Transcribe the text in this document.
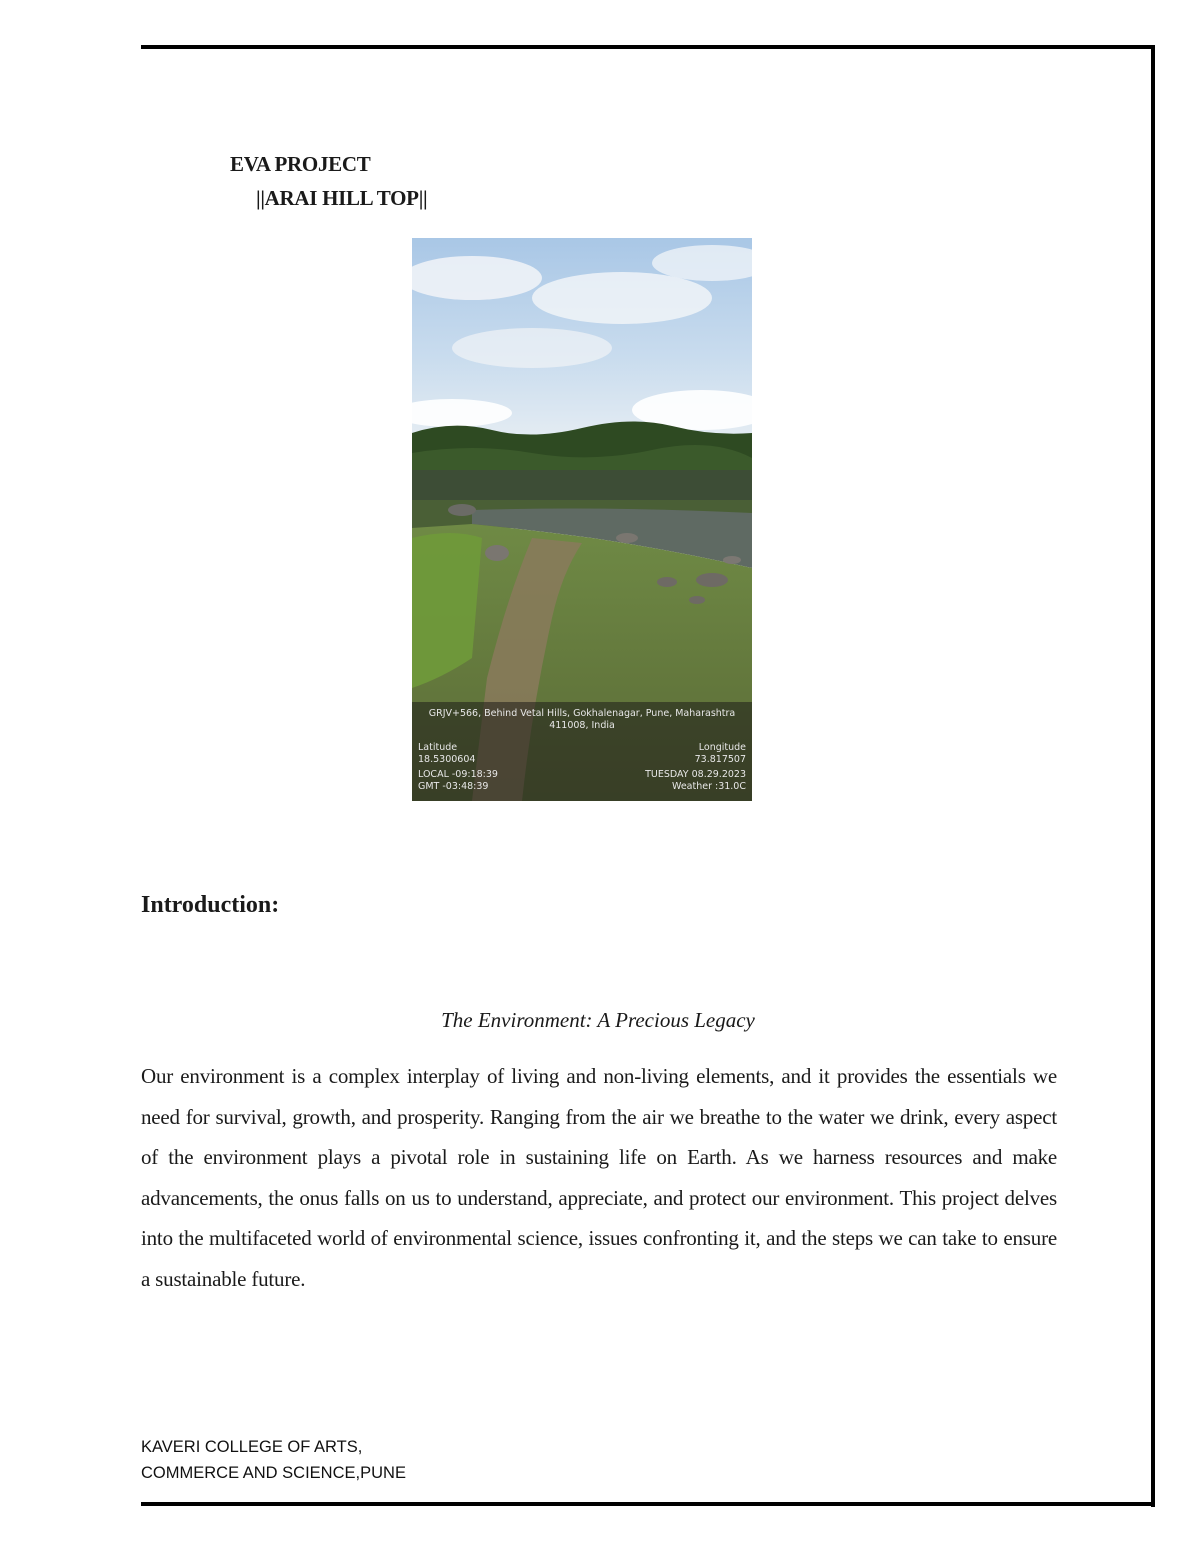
EVA PROJECT
||ARAI HILL TOP||
GRJV+566, Behind Vetal Hills, Gokhalenagar, Pune, Maharashtra
411008, India
Latitude
18.5300604
LOCAL -09:18:39
GMT -03:48:39
Longitude
73.817507
TUESDAY 08.29.2023
Weather :31.0C
Introduction:
The Environment: A Precious Legacy
Our environment is a complex interplay of living and non-living elements, and it provides the essentials we need for survival, growth, and prosperity. Ranging from the air we breathe to the water we drink, every aspect of the environment plays a pivotal role in sustaining life on Earth. As we harness resources and make advancements, the onus falls on us to understand, appreciate, and protect our environment. This project delves into the multifaceted world of environmental science, issues confronting it, and the steps we can take to ensure a sustainable future.
KAVERI COLLEGE OF ARTS,
COMMERCE AND SCIENCE,PUNE
